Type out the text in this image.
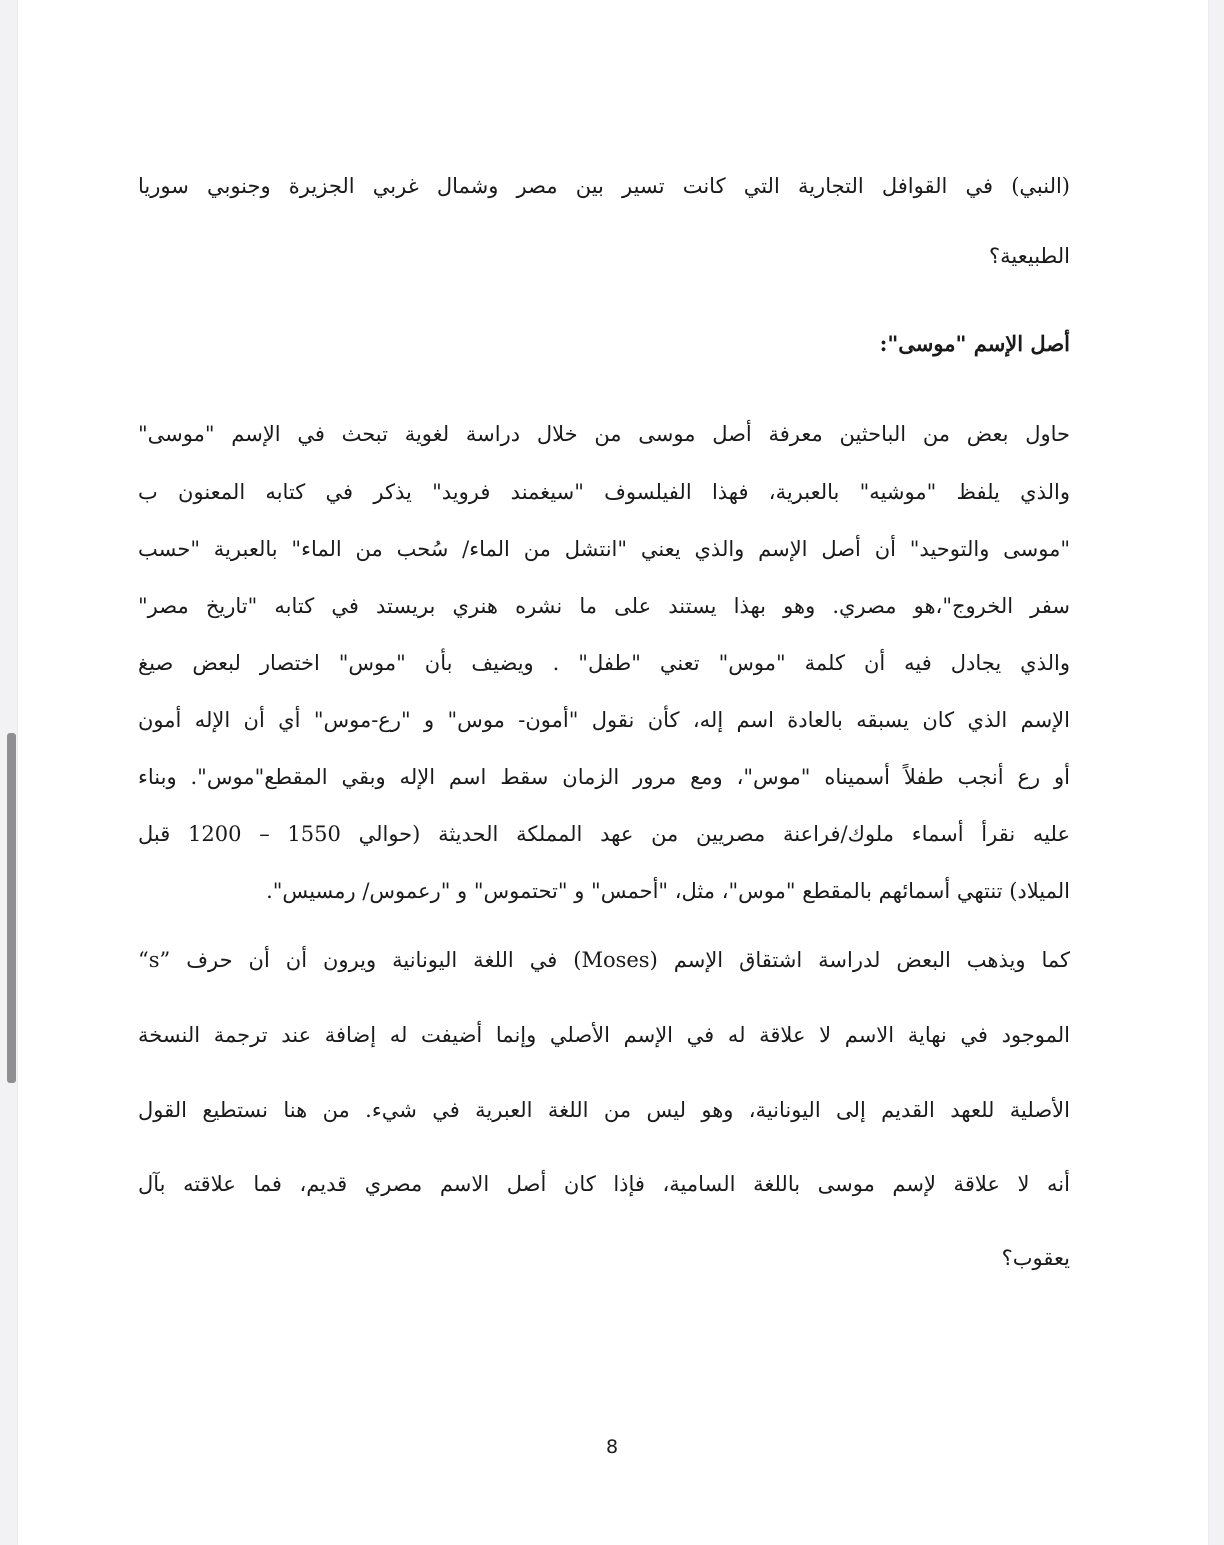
(النبي) في القوافل التجارية التي كانت تسير بين مصر وشمال غربي الجزيرة وجنوبي سوريا
الطبيعية؟
أصل الإسم "موسى":
حاول بعض من الباحثين معرفة أصل موسى من خلال دراسة لغوية تبحث في الإسم "موسى"
والذي يلفظ "موشيه" بالعبرية، فهذا الفيلسوف "سيغمند فرويد" يذكر في كتابه المعنون ب
"موسى والتوحيد" أن أصل الإسم والذي يعني "انتشل من الماء/ سُحب من الماء" بالعبرية "حسب
سفر الخروج"،هو مصري. وهو بهذا يستند على ما نشره هنري بريستد في كتابه "تاريخ مصر"
والذي يجادل فيه أن كلمة "موس" تعني "طفل" . ويضيف بأن "موس" اختصار لبعض صيغ
الإسم الذي كان يسبقه بالعادة اسم إله، كأن نقول "أمون- موس" و "رع-موس" أي أن الإله أمون
أو رع أنجب طفلاً أسميناه "موس"، ومع مرور الزمان سقط اسم الإله وبقي المقطع"موس". وبناء
عليه نقرأ أسماء ملوك/فراعنة مصريين من عهد المملكة الحديثة (حوالي 1550 – 1200 قبل
الميلاد) تنتهي أسمائهم بالمقطع "موس"، مثل، "أحمس" و "تحتموس" و "رعموس/ رمسيس".
كما ويذهب البعض لدراسة اشتقاق الإسم (Moses) في اللغة اليونانية ويرون أن أن حرف ”s“
الموجود في نهاية الاسم لا علاقة له في الإسم الأصلي وإنما أضيفت له إضافة عند ترجمة النسخة
الأصلية للعهد القديم إلى اليونانية، وهو ليس من اللغة العبرية في شيء. من هنا نستطيع القول
أنه لا علاقة لإسم موسى باللغة السامية، فإذا كان أصل الاسم مصري قديم، فما علاقته بآل
يعقوب؟
8
